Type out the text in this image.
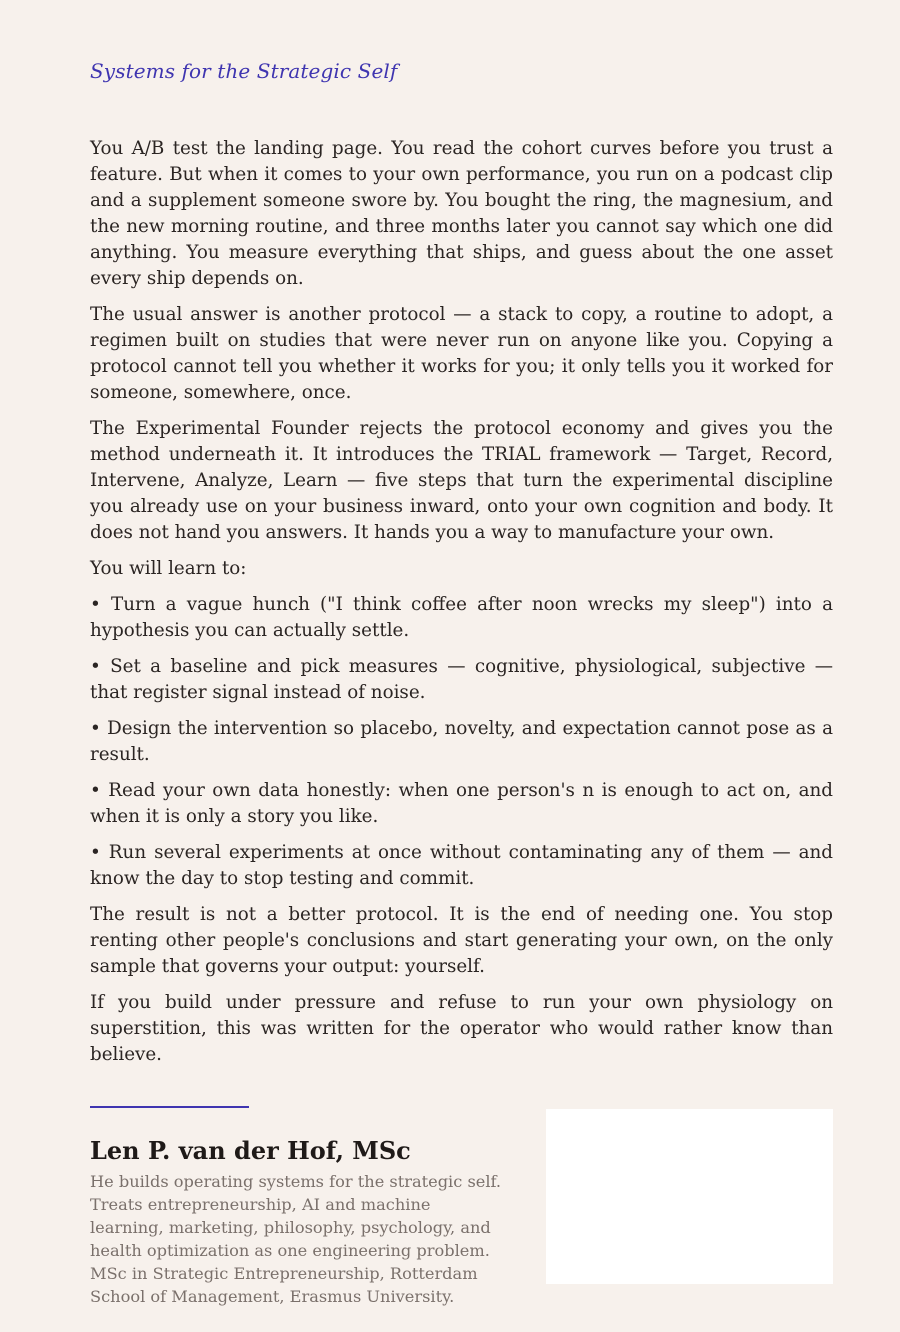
Systems for the Strategic Self

You A/B test the landing page. You read the cohort curves before you trust a feature. But when it comes to your own performance, you run on a podcast clip and a supplement someone swore by. You bought the ring, the magnesium, and the new morning routine, and three months later you cannot say which one did anything. You measure everything that ships, and guess about the one asset every ship depends on.

The usual answer is another protocol — a stack to copy, a routine to adopt, a regimen built on studies that were never run on anyone like you. Copying a protocol cannot tell you whether it works for you; it only tells you it worked for someone, somewhere, once.

The Experimental Founder rejects the protocol economy and gives you the method underneath it. It introduces the TRIAL framework — Target, Record, Intervene, Analyze, Learn — five steps that turn the experimental discipline you already use on your business inward, onto your own cognition and body. It does not hand you answers. It hands you a way to manufacture your own.

You will learn to:

• Turn a vague hunch ("I think coffee after noon wrecks my sleep") into a hypothesis you can actually settle.

• Set a baseline and pick measures — cognitive, physiological, subjective — that register signal instead of noise.

• Design the intervention so placebo, novelty, and expectation cannot pose as a result.

• Read your own data honestly: when one person's n is enough to act on, and when it is only a story you like.

• Run several experiments at once without contaminating any of them — and know the day to stop testing and commit.

The result is not a better protocol. It is the end of needing one. You stop renting other people's conclusions and start generating your own, on the only sample that governs your output: yourself.

If you build under pressure and refuse to run your own physiology on superstition, this was written for the operator who would rather know than believe.

Len P. van der Hof, MSc
He builds operating systems for the strategic self.
Treats entrepreneurship, AI and machine
learning, marketing, philosophy, psychology, and
health optimization as one engineering problem.
MSc in Strategic Entrepreneurship, Rotterdam
School of Management, Erasmus University.
